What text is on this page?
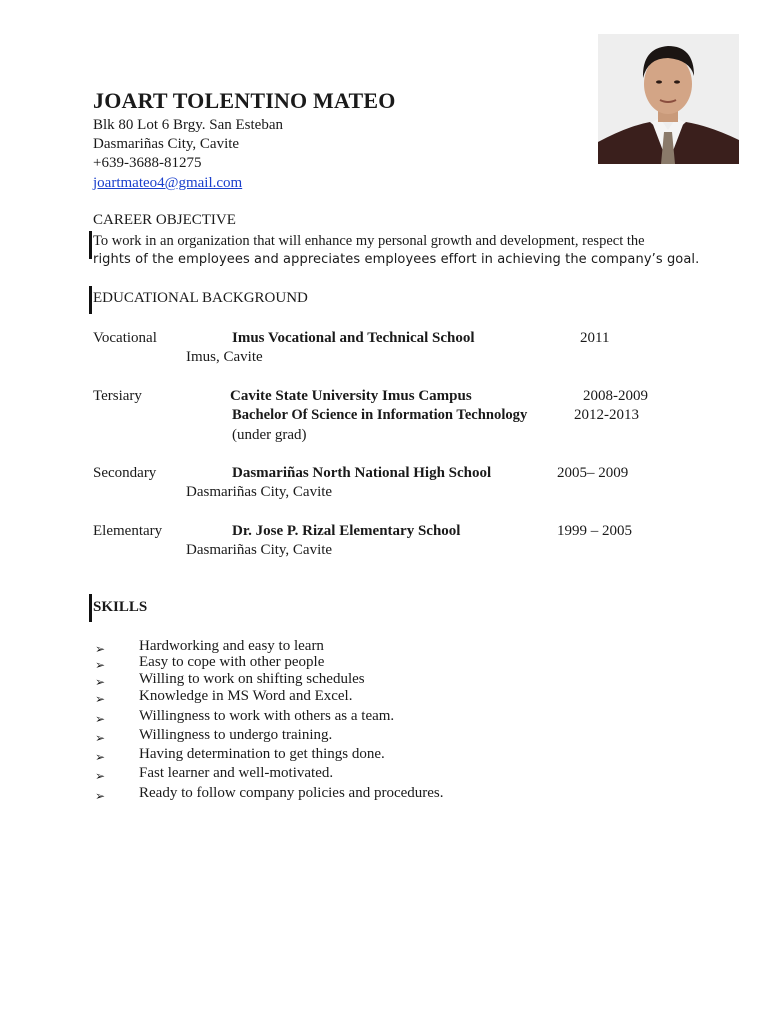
JOART TOLENTINO MATEO
Blk 80 Lot 6 Brgy. San Esteban
Dasmariñas City, Cavite
+639-3688-81275
joartmateo4@gmail.com
CAREER OBJECTIVE
To work in an organization that will enhance my personal growth and development, respect the
rights of the employees and appreciates employees effort in achieving the company’s goal.
EDUCATIONAL BACKGROUND
Vocational	Imus Vocational and Technical School	2011
Imus, Cavite
Tersiary	Cavite State University Imus Campus	2008-2009
Bachelor Of Science in Information Technology	2012-2013
(under grad)
Secondary	Dasmariñas North National High School	2005– 2009
Dasmariñas City, Cavite
Elementary	Dr. Jose P. Rizal Elementary School	1999 – 2005
Dasmariñas City, Cavite
SKILLS
➢ Hardworking and easy to learn
➢ Easy to cope with other people
➢ Willing to work on shifting schedules
➢ Knowledge in MS Word and Excel.
➢ Willingness to work with others as a team.
➢ Willingness to undergo training.
➢ Having determination to get things done.
➢ Fast learner and well-motivated.
➢ Ready to follow company policies and procedures.
